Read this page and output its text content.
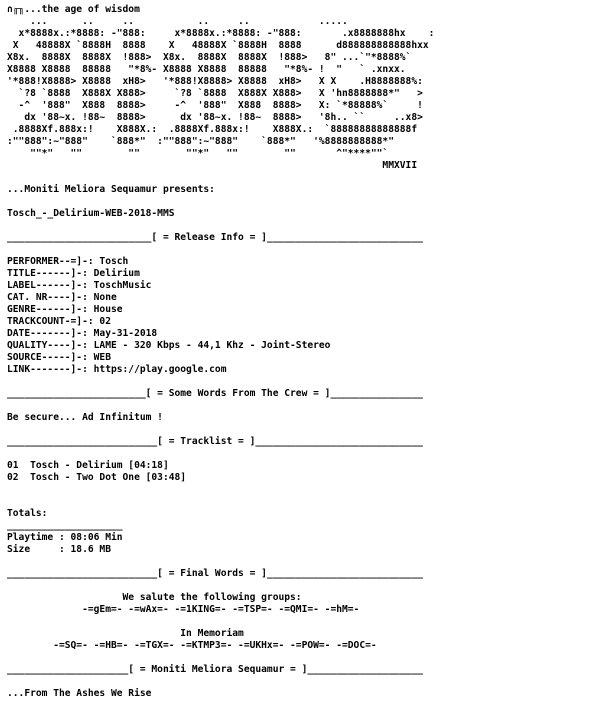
∩╓╖...the age of wisdom
...      ..     ..           ..     ..            .....
x*8888x.:*8888: -"888:     x*8888x.:*8888: -"888:       .x8888888hx    :
X   48888X `8888H  8888    X   48888X `8888H  8888      d888888888888hxx
X8x.  8888X  8888X  !888>  X8x.  8888X  8888X  !888>   8" ...`"*8888%`
X8888 X8888  88888   "*8%- X8888 X8888  88888   "*8%- !  "   ` .xnxx.
'*888!X8888> X8888  xH8>   '*888!X8888> X8888  xH8>   X X    .H8888888%:
`?8 `8888  X888X X888>     `?8 `8888  X888X X888>   X 'hn8888888*"   >
-^  '888"  X888  8888>     -^  '888"  X888  8888>   X: `*88888%`     !
dx '88~x. !88~  8888>      dx '88~x. !88~  8888>   '8h.. ``     ..x8>
.8888Xf.888x:!    X888X.:  .8888Xf.888x:!    X888X.:  `88888888888888f
:""888":~"888"    `888*"  :""888":~"888"    `888*"   '%8888888888*"
""*"   ""        ""        ""*"   ""        ""       ^"****""`
MMXVII
...Moniti Meliora Sequamur presents:
Tosch_-_Delirium-WEB-2018-MMS
_________________________[ = Release Info = ]___________________________
PERFORMER--=]-: Tosch
TITLE------]-: Delirium
LABEL------]-: ToschMusic
CAT. NR----]-: None
GENRE------]-: House
TRACKCOUNT-=]-: 02
DATE-------]-: May-31-2018
QUALITY----]-: LAME - 320 Kbps - 44,1 Khz - Joint-Stereo
SOURCE-----]-: WEB
LINK-------]-: https://play.google.com
________________________[ = Some Words From The Crew = ]________________
Be secure... Ad Infinitum !
__________________________[ = Tracklist = ]_____________________________
01  Tosch - Delirium [04:18]
02  Tosch - Two Dot One [03:48]
Totals:
____________________
Playtime : 08:06 Min
Size     : 18.6 MB
__________________________[ = Final Words = ]___________________________
We salute the following groups:
-=gEm=- -=wAx=- -=1KING=- -=TSP=- -=QMI=- -=hM=-
In Memoriam
-=SQ=- -=HB=- -=TGX=- -=KTMP3=- -=UKHx=- -=POW=- -=DOC=-
_____________________[ = Moniti Meliora Sequamur = ]____________________
...From The Ashes We Rise
